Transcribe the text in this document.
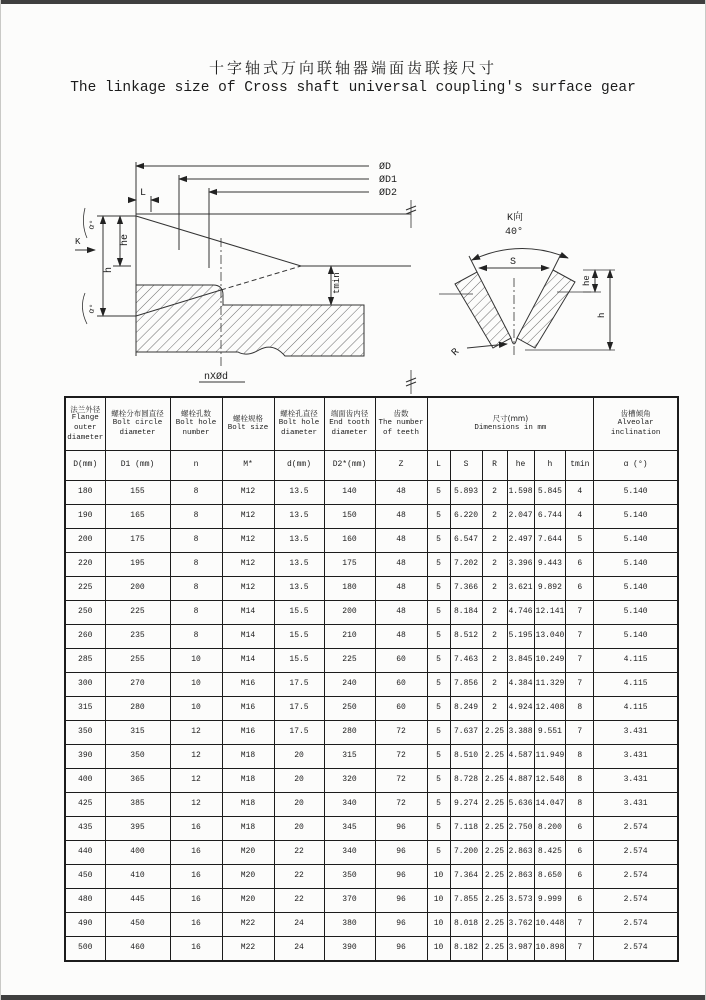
十字轴式万向联轴器端面齿联接尺寸
The linkage size of Cross shaft universal coupling's surface gear
ØD
ØD1
ØD2
L
he
h
α°
α°
K
tmin
nXØd
K向
40°
S
he
h
R
法兰外径
Flange outer diameter

螺栓分布圆直径
Bolt circle diameter

螺栓孔数
Bolt hole number

螺栓规格
Bolt size

螺栓孔直径
Bolt hole diameter

端面齿内径
End tooth diameter

齿数
The number of teeth

尺寸(mm)
Dimensions in mm

齿槽倾角
Alveolar inclination

D(mm)	D1 (mm)	n	M*	d(mm)	D2*(mm)	Z	L	S	R	he	h	tmin	α (°)
180	155	8	M12	13.5	140	48	5	5.893	2	1.598	5.845	4	5.140
190	165	8	M12	13.5	150	48	5	6.220	2	2.047	6.744	4	5.140
200	175	8	M12	13.5	160	48	5	6.547	2	2.497	7.644	5	5.140
220	195	8	M12	13.5	175	48	5	7.202	2	3.396	9.443	6	5.140
225	200	8	M12	13.5	180	48	5	7.366	2	3.621	9.892	6	5.140
250	225	8	M14	15.5	200	48	5	8.184	2	4.746	12.141	7	5.140
260	235	8	M14	15.5	210	48	5	8.512	2	5.195	13.040	7	5.140
285	255	10	M14	15.5	225	60	5	7.463	2	3.845	10.249	7	4.115
300	270	10	M16	17.5	240	60	5	7.856	2	4.384	11.329	7	4.115
315	280	10	M16	17.5	250	60	5	8.249	2	4.924	12.408	8	4.115
350	315	12	M16	17.5	280	72	5	7.637	2.25	3.388	9.551	7	3.431
390	350	12	M18	20	315	72	5	8.510	2.25	4.587	11.949	8	3.431
400	365	12	M18	20	320	72	5	8.728	2.25	4.887	12.548	8	3.431
425	385	12	M18	20	340	72	5	9.274	2.25	5.636	14.047	8	3.431
435	395	16	M18	20	345	96	5	7.118	2.25	2.750	8.200	6	2.574
440	400	16	M20	22	340	96	5	7.200	2.25	2.863	8.425	6	2.574
450	410	16	M20	22	350	96	10	7.364	2.25	2.863	8.650	6	2.574
480	445	16	M20	22	370	96	10	7.855	2.25	3.573	9.999	6	2.574
490	450	16	M22	24	380	96	10	8.018	2.25	3.762	10.448	7	2.574
500	460	16	M22	24	390	96	10	8.182	2.25	3.987	10.898	7	2.574
